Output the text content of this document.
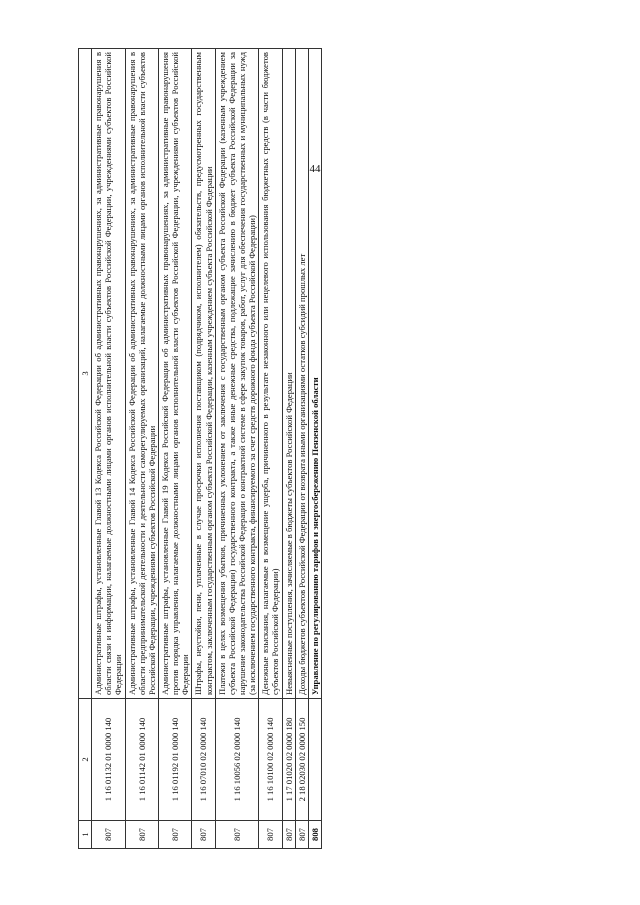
44
1	2	3
807	1 16 01132 01 0000 140	Административные штрафы, установленные Главой 13 Кодекса Российской Федерации об административных правонарушениях, за административные правонарушения в области связи и информации, налагаемые должностными лицами органов исполнительной власти субъектов Российской Федерации, учреждениями субъектов Российской Федерации
807	1 16 01142 01 0000 140	Административные штрафы, установленные Главой 14 Кодекса Российской Федерации об административных правонарушениях, за административные правонарушения в области предпринимательской деятельности и деятельности саморегулируемых организаций, налагаемые должностными лицами органов исполнительной власти субъектов Российской Федерации, учреждениями субъектов Российской Федерации
807	1 16 01192 01 0000 140	Административные штрафы, установленные Главой 19 Кодекса Российской Федерации об административных правонарушениях, за административные правонарушения против порядка управления, налагаемые должностными лицами органов исполнительной власти субъектов Российской Федерации, учреждениями субъектов Российской Федерации
807	1 16 07010 02 0000 140	Штрафы, неустойки, пени, уплаченные в случае просрочки исполнения поставщиком (подрядчиком, исполнителем) обязательств, предусмотренных государственным контрактом, заключенным государственным органом субъекта Российской Федерации, казенным учреждением субъекта Российской Федерации
807	1 16 10056 02 0000 140	Платежи в целях возмещения убытков, причиненных уклонением от заключения с государственным органом субъекта Российской Федерации (казенным учреждением субъекта Российской Федерации) государственного контракта, а также иные денежные средства, подлежащие зачислению в бюджет субъекта Российской Федерации за нарушение законодательства Российской Федерации о контрактной системе в сфере закупок товаров, работ, услуг для обеспечения государственных и муниципальных нужд (за исключением государственного контракта, финансируемого за счет средств дорожного фонда субъекта Российской Федерации)
807	1 16 10100 02 0000 140	Денежные взыскания, налагаемые в возмещение ущерба, причиненного в результате незаконного или нецелевого использования бюджетных средств (в части бюджетов субъектов Российской Федерации)
807	1 17 01020 02 0000 180	Невыясненные поступления, зачисляемые в бюджеты субъектов Российской Федерации
807	2 18 02030 02 0000 150	Доходы бюджетов субъектов Российской Федерации от возврата иными организациями остатков субсидий прошлых лет
808		Управление по регулированию тарифов и энергосбережению Пензенской области
